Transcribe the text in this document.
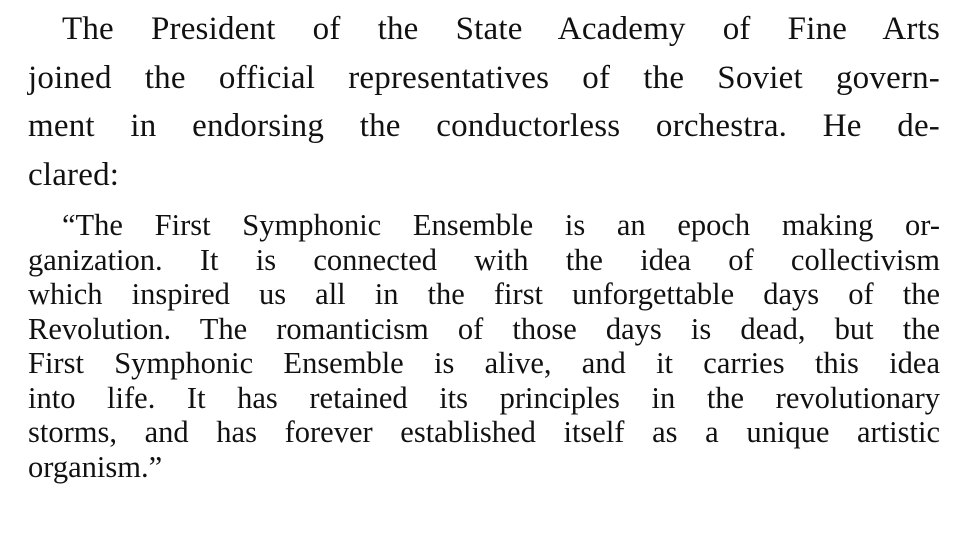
The President of the State Academy of Fine Arts
joined the official representatives of the Soviet govern-
ment in endorsing the conductorless orchestra. He de-
clared:

“The First Symphonic Ensemble is an epoch making or-
ganization. It is connected with the idea of collectivism
which inspired us all in the first unforgettable days of the
Revolution. The romanticism of those days is dead, but the
First Symphonic Ensemble is alive, and it carries this idea
into life. It has retained its principles in the revolutionary
storms, and has forever established itself as a unique artistic
organism.”
